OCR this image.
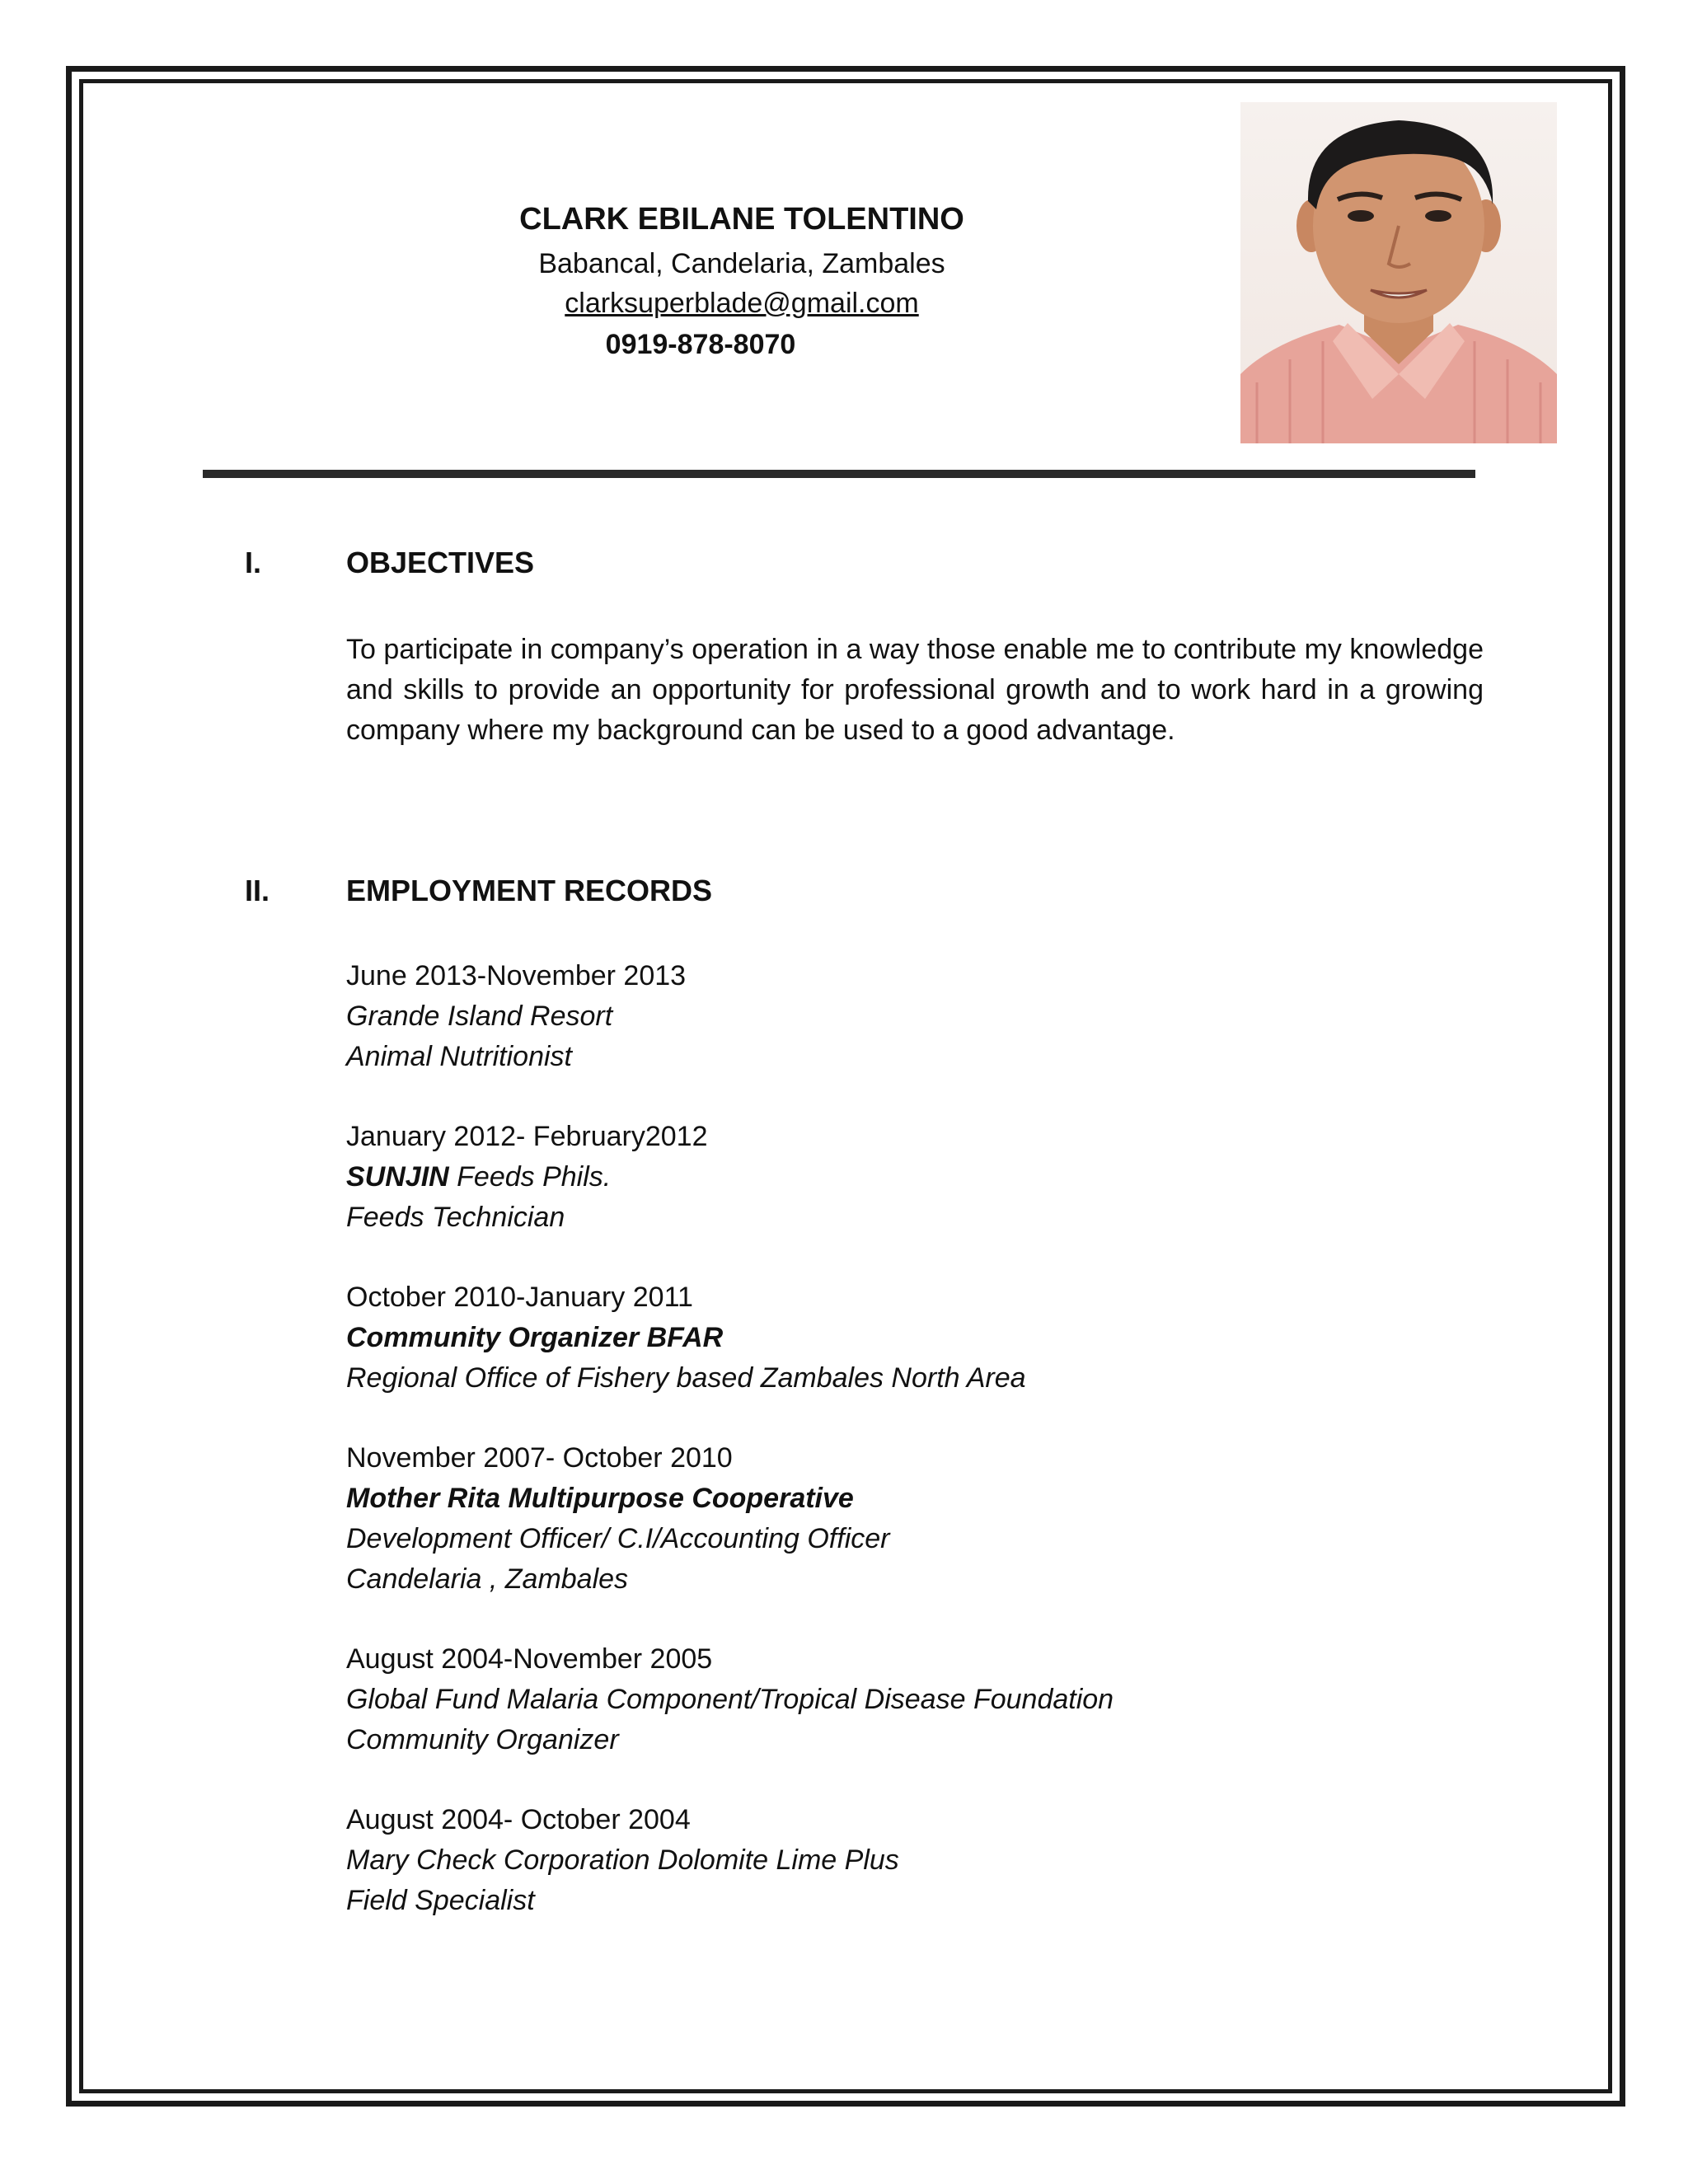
CLARK EBILANE TOLENTINO
Babancal, Candelaria, Zambales
clarksuperblade@gmail.com
0919-878-8070
I.	OBJECTIVES
To participate in company’s operation in a way those enable me to contribute my knowledge and skills to provide an opportunity for professional growth and to work hard in a growing company where my background can be used to a good advantage.
II.	EMPLOYMENT RECORDS
June 2013-November 2013
Grande Island Resort
Animal Nutritionist
January 2012- February2012
SUNJIN Feeds Phils.
Feeds Technician
October 2010-January 2011
Community Organizer BFAR
Regional Office of Fishery based Zambales North Area
November 2007- October 2010
Mother Rita Multipurpose Cooperative
Development Officer/ C.I/Accounting Officer
Candelaria , Zambales
August 2004-November 2005
Global Fund Malaria Component/Tropical Disease Foundation
Community Organizer
August 2004- October 2004
Mary Check Corporation Dolomite Lime Plus
Field Specialist
